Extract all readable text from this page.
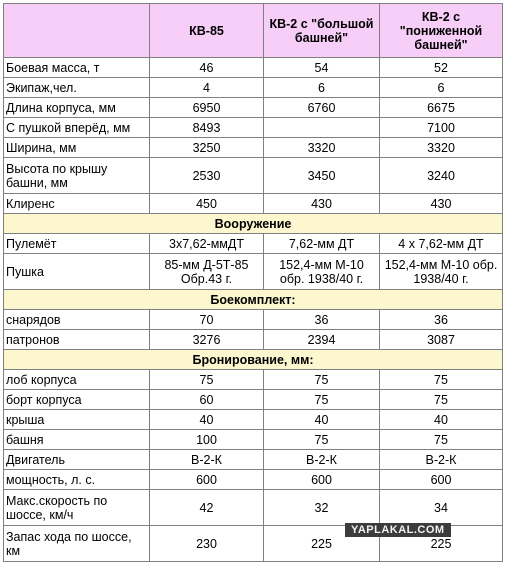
	КВ-85	КВ-2 с "большой башней"	КВ-2 с "пониженной башней"
Боевая масса, т	46	54	52
Экипаж,чел.	4	6	6
Длина корпуса, мм	6950	6760	6675
С пушкой вперёд, мм	8493		7100
Ширина, мм	3250	3320	3320
Высота по крышу башни, мм	2530	3450	3240
Клиренс	450	430	430
Вооружение			
Пулемёт	3x7,62-ммДТ	7,62-мм ДТ	4 x 7,62-мм ДТ
Пушка	85-мм Д-5Т-85 Обр.43 г.	152,4-мм М-10 обр. 1938/40 г.	152,4-мм М-10 обр. 1938/40 г.
Боекомплект:			
снарядов	70	36	36
патронов	3276	2394	3087
Бронирование, мм:			
лоб корпуса	75	75	75
борт корпуса	60	75	75
крыша	40	40	40
башня	100	75	75
Двигатель	В-2-К	В-2-К	В-2-К
мощность, л. с.	600	600	600
Макс.скорость по шоссе, км/ч	42	32	34
Запас хода по шоссе, км	230	225	225
YAPLAKAL.COM
